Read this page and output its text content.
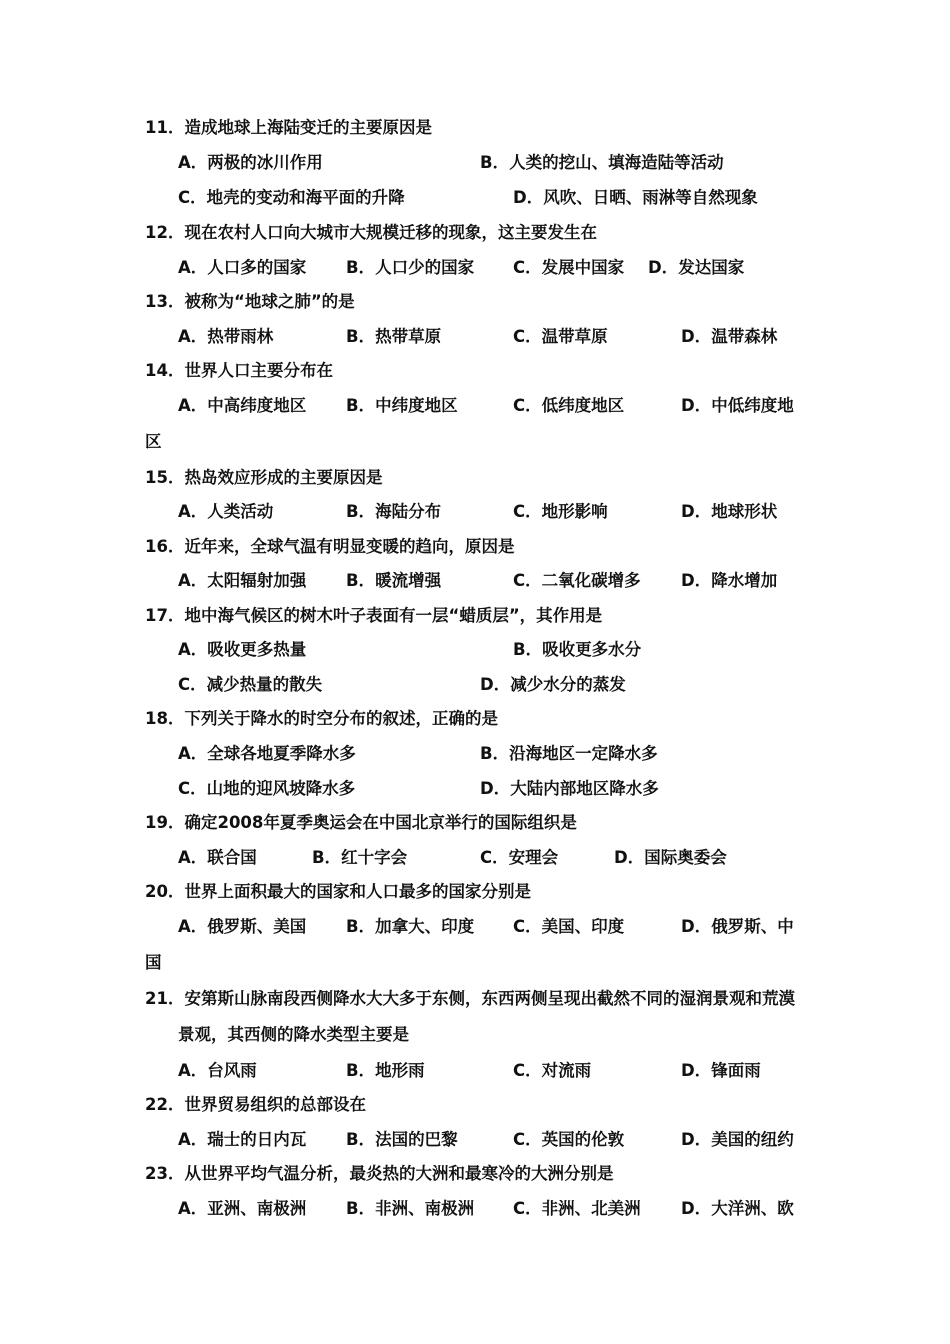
11．造成地球上海陆变迁的主要原因是
A．两极的冰川作用	B．人类的挖山、填海造陆等活动
C．地壳的变动和海平面的升降	D．风吹、日晒、雨淋等自然现象
12．现在农村人口向大城市大规模迁移的现象，这主要发生在
A．人口多的国家 B．人口少的国家 C．发展中国家 D．发达国家
13．被称为“地球之肺”的是
A．热带雨林	B．热带草原	C．温带草原	D．温带森林
14．世界人口主要分布在
A．中高纬度地区 B．中纬度地区	C．低纬度地区	D．中低纬度地
区
15．热岛效应形成的主要原因是
A．人类活动	B．海陆分布	C．地形影响	D．地球形状
16．近年来，全球气温有明显变暖的趋向，原因是
A．太阳辐射加强 B．暖流增强	C．二氧化碳增多 D．降水增加
17．地中海气候区的树木叶子表面有一层“蜡质层”，其作用是
A．吸收更多热量	B．吸收更多水分
C．减少热量的散失	D．减少水分的蒸发
18．下列关于降水的时空分布的叙述，正确的是
A．全球各地夏季降水多	B．沿海地区一定降水多
C．山地的迎风坡降水多	D．大陆内部地区降水多
19．确定2008年夏季奥运会在中国北京举行的国际组织是
A．联合国	B．红十字会	C．安理会	D．国际奥委会
20．世界上面积最大的国家和人口最多的国家分别是
A．俄罗斯、美国 B．加拿大、印度 C．美国、印度	D．俄罗斯、中
国
21．安第斯山脉南段西侧降水大大多于东侧，东西两侧呈现出截然不同的湿润景观和荒漠
景观，其西侧的降水类型主要是
A．台风雨	B．地形雨	C．对流雨	D．锋面雨
22．世界贸易组织的总部设在
A．瑞士的日内瓦 B．法国的巴黎	C．英国的伦敦	D．美国的纽约
23．从世界平均气温分析，最炎热的大洲和最寒冷的大洲分别是
A．亚洲、南极洲 B．非洲、南极洲 C．非洲、北美洲 D．大洋洲、欧
